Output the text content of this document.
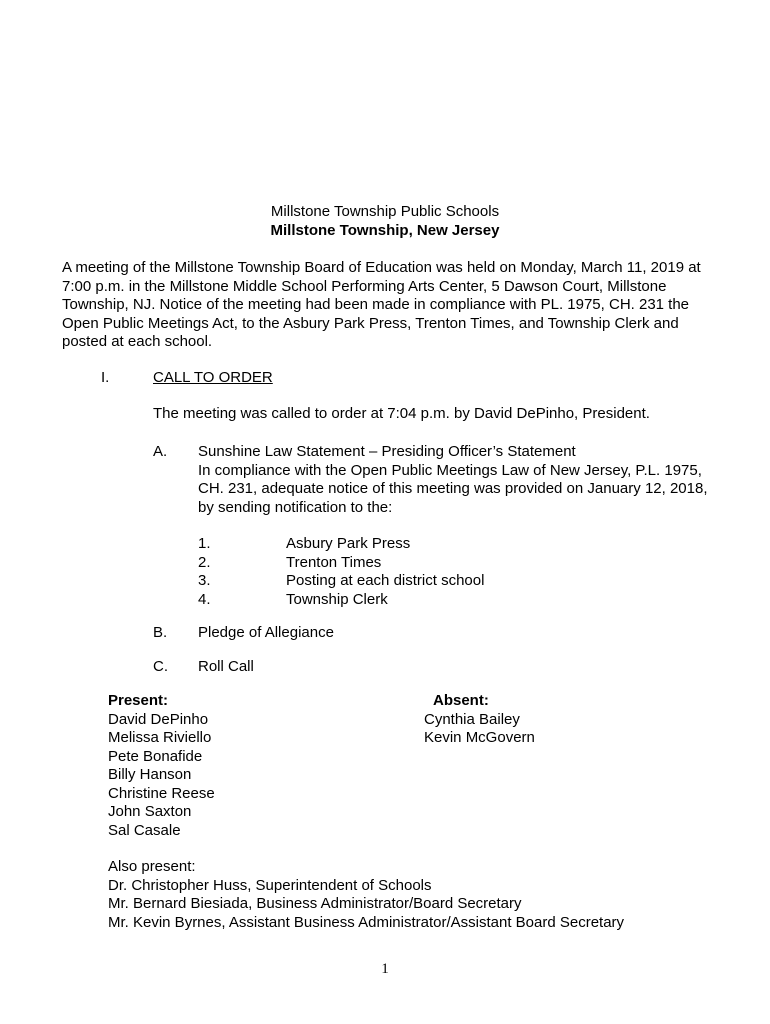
Millstone Township Public Schools
Millstone Township, New Jersey
A meeting of the Millstone Township Board of Education was held on Monday, March 11, 2019 at
7:00 p.m. in the Millstone Middle School Performing Arts Center, 5 Dawson Court, Millstone
Township, NJ. Notice of the meeting had been made in compliance with PL. 1975, CH. 231 the
Open Public Meetings Act, to the Asbury Park Press, Trenton Times, and Township Clerk and
posted at each school.
I.	CALL TO ORDER
The meeting was called to order at 7:04 p.m. by David DePinho, President.
A. Sunshine Law Statement – Presiding Officer’s Statement
In compliance with the Open Public Meetings Law of New Jersey, P.L. 1975,
CH. 231, adequate notice of this meeting was provided on January 12, 2018,
by sending notification to the:
1.
2.
3.
4.
Asbury Park Press
Trenton Times
Posting at each district school
Township Clerk
B. Pledge of Allegiance
C. Roll Call
Present:
David DePinho
Melissa Riviello
Pete Bonafide
Billy Hanson
Christine Reese
John Saxton
Sal Casale
Absent:
Cynthia Bailey
Kevin McGovern
Also present:
Dr. Christopher Huss, Superintendent of Schools
Mr. Bernard Biesiada, Business Administrator/Board Secretary
Mr. Kevin Byrnes, Assistant Business Administrator/Assistant Board Secretary
1
